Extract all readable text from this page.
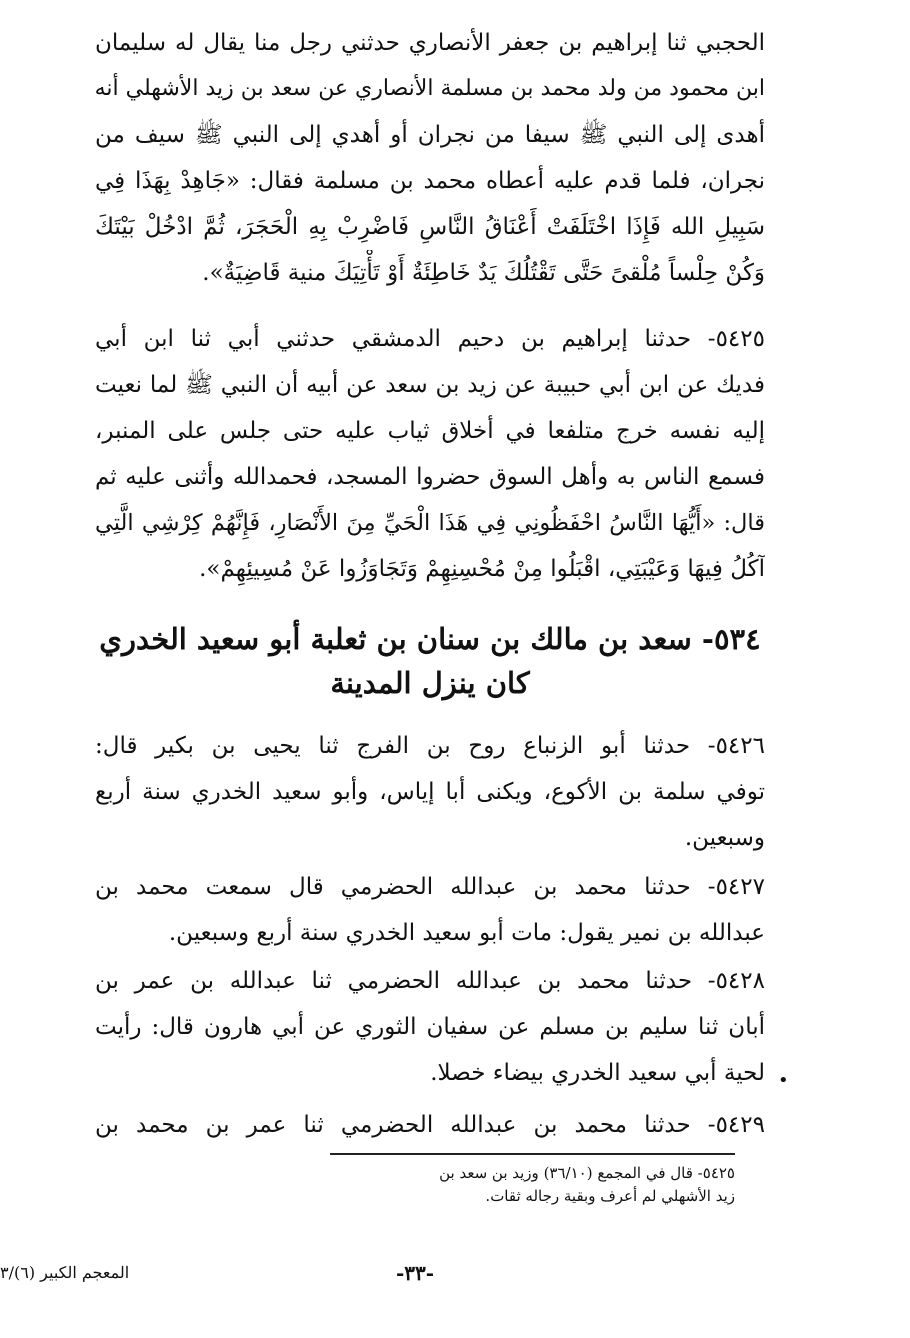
الحجبي ثنا إبراهيم بن جعفر الأنصاري حدثني رجل منا يقال له سليمان
ابن محمود من ولد محمد بن مسلمة الأنصاري عن سعد بن زيد الأشهلي أنه
أهدى إلى النبي ﷺ سيفا من نجران أو أهدي إلى النبي ﷺ سيف من
نجران، فلما قدم عليه أعطاه محمد بن مسلمة فقال: «جَاهِدْ بِهَذَا فِي
سَبِيلِ الله فَإِذَا اخْتَلَفَتْ أَعْنَاقُ النَّاسِ فَاضْرِبْ بِهِ الْحَجَرَ، ثُمَّ ادْخُلْ بَيْتَكَ
وَكُنْ حِلْساً مُلْقىً حَتَّى تَقْتُلُكَ يَدٌ خَاطِئَةٌ أَوْ تَأْتِيَكَ منية قَاضِيَةٌ».
٥٤٢٥- حدثنا إبراهيم بن دحيم الدمشقي حدثني أبي ثنا ابن أبي
فديك عن ابن أبي حبيبة عن زيد بن سعد عن أبيه أن النبي ﷺ لما نعيت
إليه نفسه خرج متلفعا في أخلاق ثياب عليه حتى جلس على المنبر،
فسمع الناس به وأهل السوق حضروا المسجد، فحمدالله وأثنى عليه ثم
قال: «أَيُّهَا النَّاسُ احْفَظُونِي فِي هَذَا الْحَيِّ مِنَ الأَنْصَارِ، فَإِنَّهُمْ كِرْشِي الَّتِي
آكُلُ فِيهَا وَعَيْبَتِي، اقْبَلُوا مِنْ مُحْسِنِهِمْ وَتَجَاوَزُوا عَنْ مُسِيئِهِمْ».
٥٣٤- سعد بن مالك بن سنان بن ثعلبة أبو سعيد الخدري
كان ينزل المدينة
٥٤٢٦- حدثنا أبو الزنباع روح بن الفرج ثنا يحيى بن بكير قال:
توفي سلمة بن الأكوع، ويكنى أبا إياس، وأبو سعيد الخدري سنة أربع
وسبعين.
٥٤٢٧- حدثنا محمد بن عبدالله الحضرمي قال سمعت محمد بن
عبدالله بن نمير يقول: مات أبو سعيد الخدري سنة أربع وسبعين.
٥٤٢٨- حدثنا محمد بن عبدالله الحضرمي ثنا عبدالله بن عمر بن
أبان ثنا سليم بن مسلم عن سفيان الثوري عن أبي هارون قال: رأيت
لحية أبي سعيد الخدري بيضاء خصلا.
٥٤٢٩- حدثنا محمد بن عبدالله الحضرمي ثنا عمر بن محمد بن
•
٥٤٢٥- قال في المجمع (٣٦/١٠) وزيد بن سعد بن
زيد الأشهلي لم أعرف وبقية رجاله ثقات.
المعجم الكبير (٦)/٣	-٣٣-
